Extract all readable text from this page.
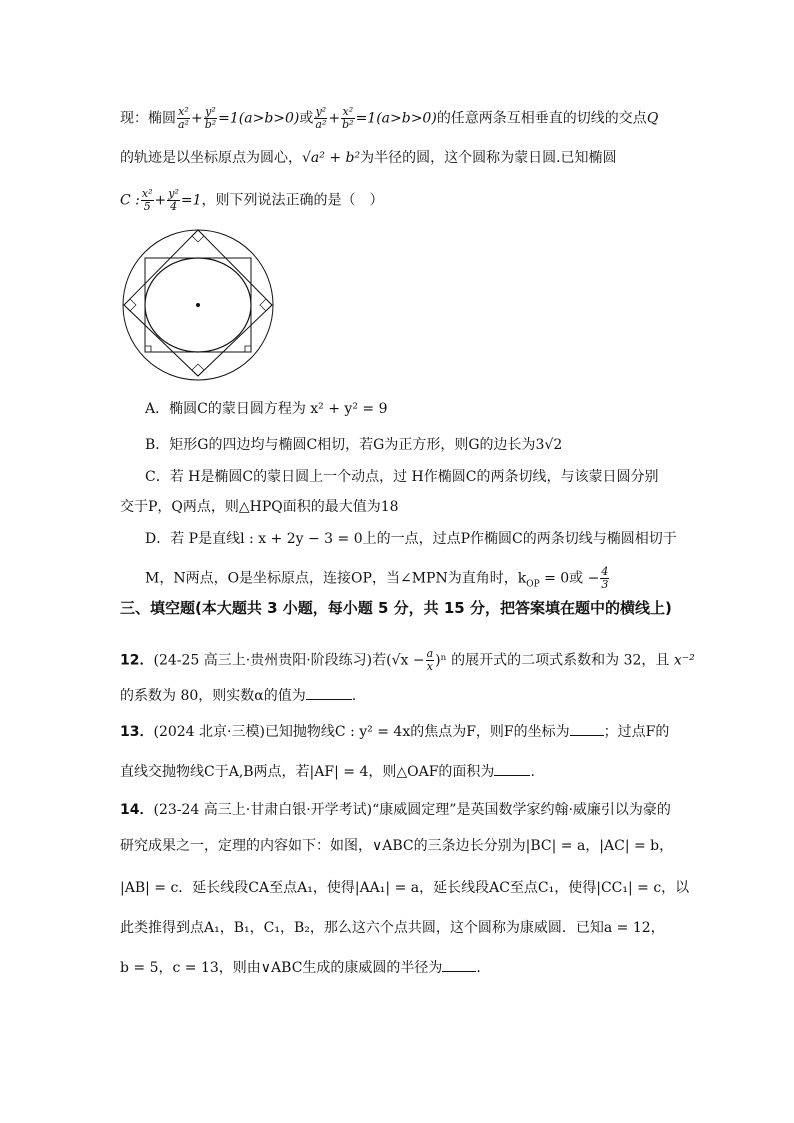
现：椭圆 $\frac{\text{x²}}{\text{a²}} + \frac{\text{y²}}{\text{b²}} =1(a>b>0)$或 $\frac{\text{y²}}{\text{a²}} + \frac{\text{x²}}{\text{b²}} =1(a>b>0)$的任意两条互相垂直的切线的交点Q
的轨迹是以坐标原点为圆心，√a² + b²为半径的圆，这个圆称为蒙日圆.已知椭圆
C : $\frac{\text{x²}}{5} + \frac{\text{y²}}{4} =1$，则下列说法正确的是（　）
A．椭圆C的蒙日圆方程为 x² + y² = 9
B．矩形G的四边均与椭圆C相切，若G为正方形，则G的边长为3√2
C．若 H是椭圆C的蒙日圆上一个动点，过 H作椭圆C的两条切线，与该蒙日圆分别
交于P，Q两点，则△HPQ面积的最大值为18
D．若 P是直线l : x + 2y − 3 = 0上的一点，过点P作椭圆C的两条切线与椭圆相切于
M，N两点，O是坐标原点，连接OP，当∠MPN为直角时，$k_{OP} = 0$或 − $\frac{4}{3}$
三、填空题(本大题共 3 小题，每小题 5 分，共 15 分，把答案填在题中的横线上)
12．(24-25 高三上·贵州贵阳·阶段练习)若$(√x - \frac{a}{x} )^n$ 的展开式的二项式系数和为 32，且 x⁻²
的系数为 80，则实数α的值为	.
13．(2024 北京·三模)已知抛物线C : y² = 4x的焦点为F，则F的坐标为 ；过点F的
直线交抛物线C于A,B两点，若|AF| = 4，则△OAF的面积为	.
14．(23-24 高三上·甘肃白银·开学考试)“康威圆定理”是英国数学家约翰·威廉引以为豪的
研究成果之一，定理的内容如下：如图，∨ABC的三条边长分别为|BC| = a，|AC| = b，
|AB| = c．延长线段CA至点A₁，使得|AA₁| = a，延长线段AC至点C₁，使得|CC₁| = c，以
此类推得到点A₁，B₁，C₁，B₂，那么这六个点共圆，这个圆称为康威圆．已知a = 12，
b = 5，c = 13，则由∨ABC生成的康威圆的半径为 .
